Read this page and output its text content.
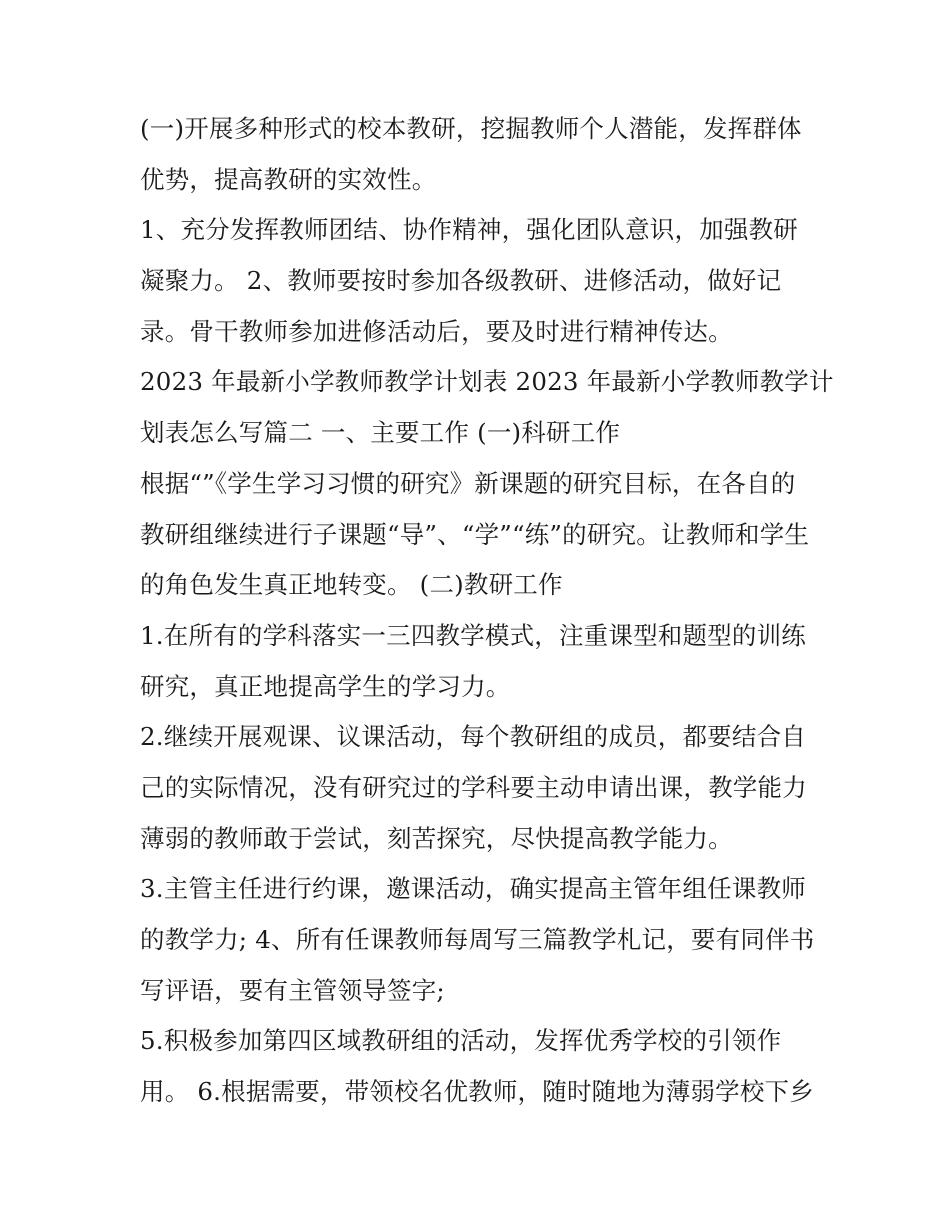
(一)开展多种形式的校本教研，挖掘教师个人潜能，发挥群体
优势，提高教研的实效性。
1、充分发挥教师团结、协作精神，强化团队意识，加强教研
凝聚力。 2、教师要按时参加各级教研、进修活动，做好记
录。骨干教师参加进修活动后，要及时进行精神传达。
2023 年最新小学教师教学计划表 2023 年最新小学教师教学计
划表怎么写篇二 一、主要工作 (一)科研工作
根据“”《学生学习习惯的研究》新课题的研究目标，在各自的
教研组继续进行子课题“导”、“学”“练”的研究。让教师和学生
的角色发生真正地转变。 (二)教研工作
1.在所有的学科落实一三四教学模式，注重课型和题型的训练
研究，真正地提高学生的学习力。
2.继续开展观课、议课活动，每个教研组的成员，都要结合自
己的实际情况，没有研究过的学科要主动申请出课，教学能力
薄弱的教师敢于尝试，刻苦探究，尽快提高教学能力。
3.主管主任进行约课，邀课活动，确实提高主管年组任课教师
的教学力; 4、所有任课教师每周写三篇教学札记，要有同伴书
写评语，要有主管领导签字;
5.积极参加第四区域教研组的活动，发挥优秀学校的引领作
用。 6.根据需要，带领校名优教师，随时随地为薄弱学校下乡
